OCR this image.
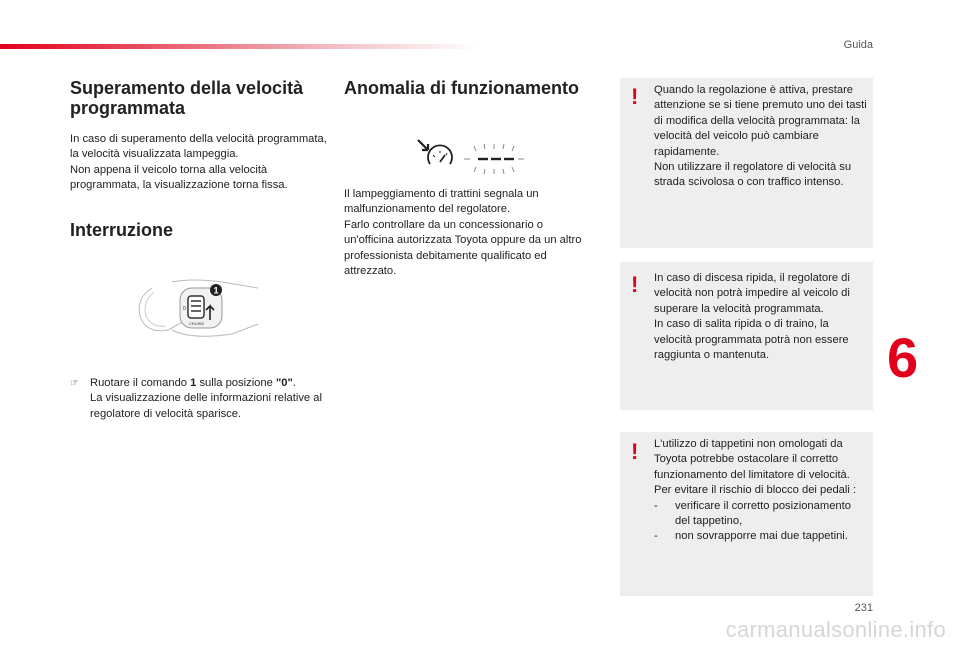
Guida
Superamento della velocità programmata

In caso di superamento della velocità programmata, la velocità visualizzata lampeggia.
Non appena il veicolo torna alla velocità programmata, la visualizzazione torna fissa.

Interruzione
1
0
CRUISE
☞ Ruotare il comando 1 sulla posizione "0".
La visualizzazione delle informazioni relative al regolatore di velocità sparisce.
Anomalia di funzionamento

Il lampeggiamento di trattini segnala un malfunzionamento del regolatore.
Farlo controllare da un concessionario o un'officina autorizzata Toyota oppure da un altro professionista debitamente qualificato ed attrezzato.

! Quando la regolazione è attiva, prestare attenzione se si tiene premuto uno dei tasti di modifica della velocità programmata: la velocità del veicolo può cambiare rapidamente.
Non utilizzare il regolatore di velocità su strada scivolosa o con traffico intenso.

! In caso di discesa ripida, il regolatore di velocità non potrà impedire al veicolo di superare la velocità programmata.
In caso di salita ripida o di traino, la velocità programmata potrà non essere raggiunta o mantenuta.

! L'utilizzo di tappetini non omologati da Toyota potrebbe ostacolare il corretto funzionamento del limitatore di velocità.
Per evitare il rischio di blocco dei pedali :

-	verificare il corretto posizionamento del tappetino,
-	non sovrapporre mai due tappetini.
6
231
carmanualsonline.info
